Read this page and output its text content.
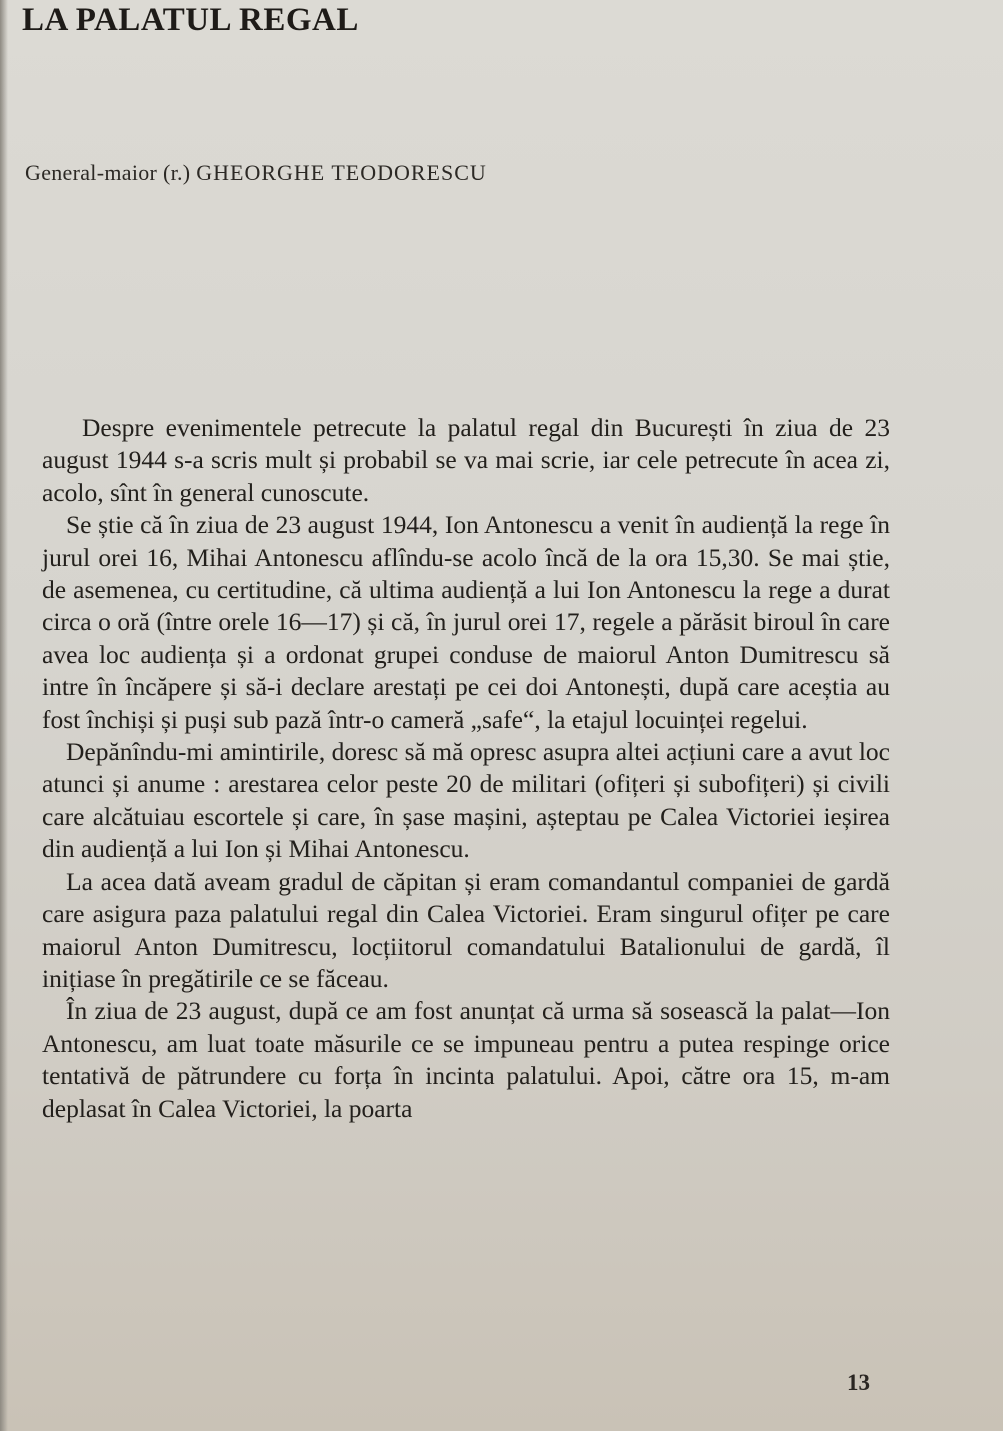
LA PALATUL REGAL
General-maior (r.) GHEORGHE TEODORESCU

Despre evenimentele petrecute la palatul regal din București în ziua de 23 august 1944 s-a scris mult și probabil se va mai scrie, iar cele petrecute în acea zi, acolo, sînt în general cunoscute.

Se știe că în ziua de 23 august 1944, Ion Antonescu a venit în audiență la rege în jurul orei 16, Mihai Antonescu aflîndu-se acolo încă de la ora 15,30. Se mai știe, de asemenea, cu certitudine, că ultima audiență a lui Ion Antonescu la rege a durat circa o oră (între orele 16—17) și că, în jurul orei 17, regele a părăsit biroul în care avea loc audiența și a ordonat grupei conduse de maiorul Anton Dumitrescu să intre în încăpere și să-i declare arestați pe cei doi Antonești, după care aceștia au fost închiși și puși sub pază într-o cameră „safe“, la etajul locuinței regelui.

Depănîndu-mi amintirile, doresc să mă opresc asupra altei acțiuni care a avut loc atunci și anume : arestarea celor peste 20 de militari (ofițeri și subofițeri) și civili care alcătuiau escortele și care, în șase mașini, așteptau pe Calea Victoriei ieșirea din audiență a lui Ion și Mihai Antonescu.

La acea dată aveam gradul de căpitan și eram comandantul companiei de gardă care asigura paza palatului regal din Calea Victoriei. Eram singurul ofițer pe care maiorul Anton Dumitrescu, locțiitorul comandatului Batalionului de gardă, îl inițiase în pregătirile ce se făceau.

În ziua de 23 august, după ce am fost anunțat că urma să sosească la palat—Ion Antonescu, am luat toate măsurile ce se impuneau pentru a putea respinge orice tentativă de pătrundere cu forța în incinta palatului. Apoi, către ora 15, m-am deplasat în Calea Victoriei, la poarta

13
